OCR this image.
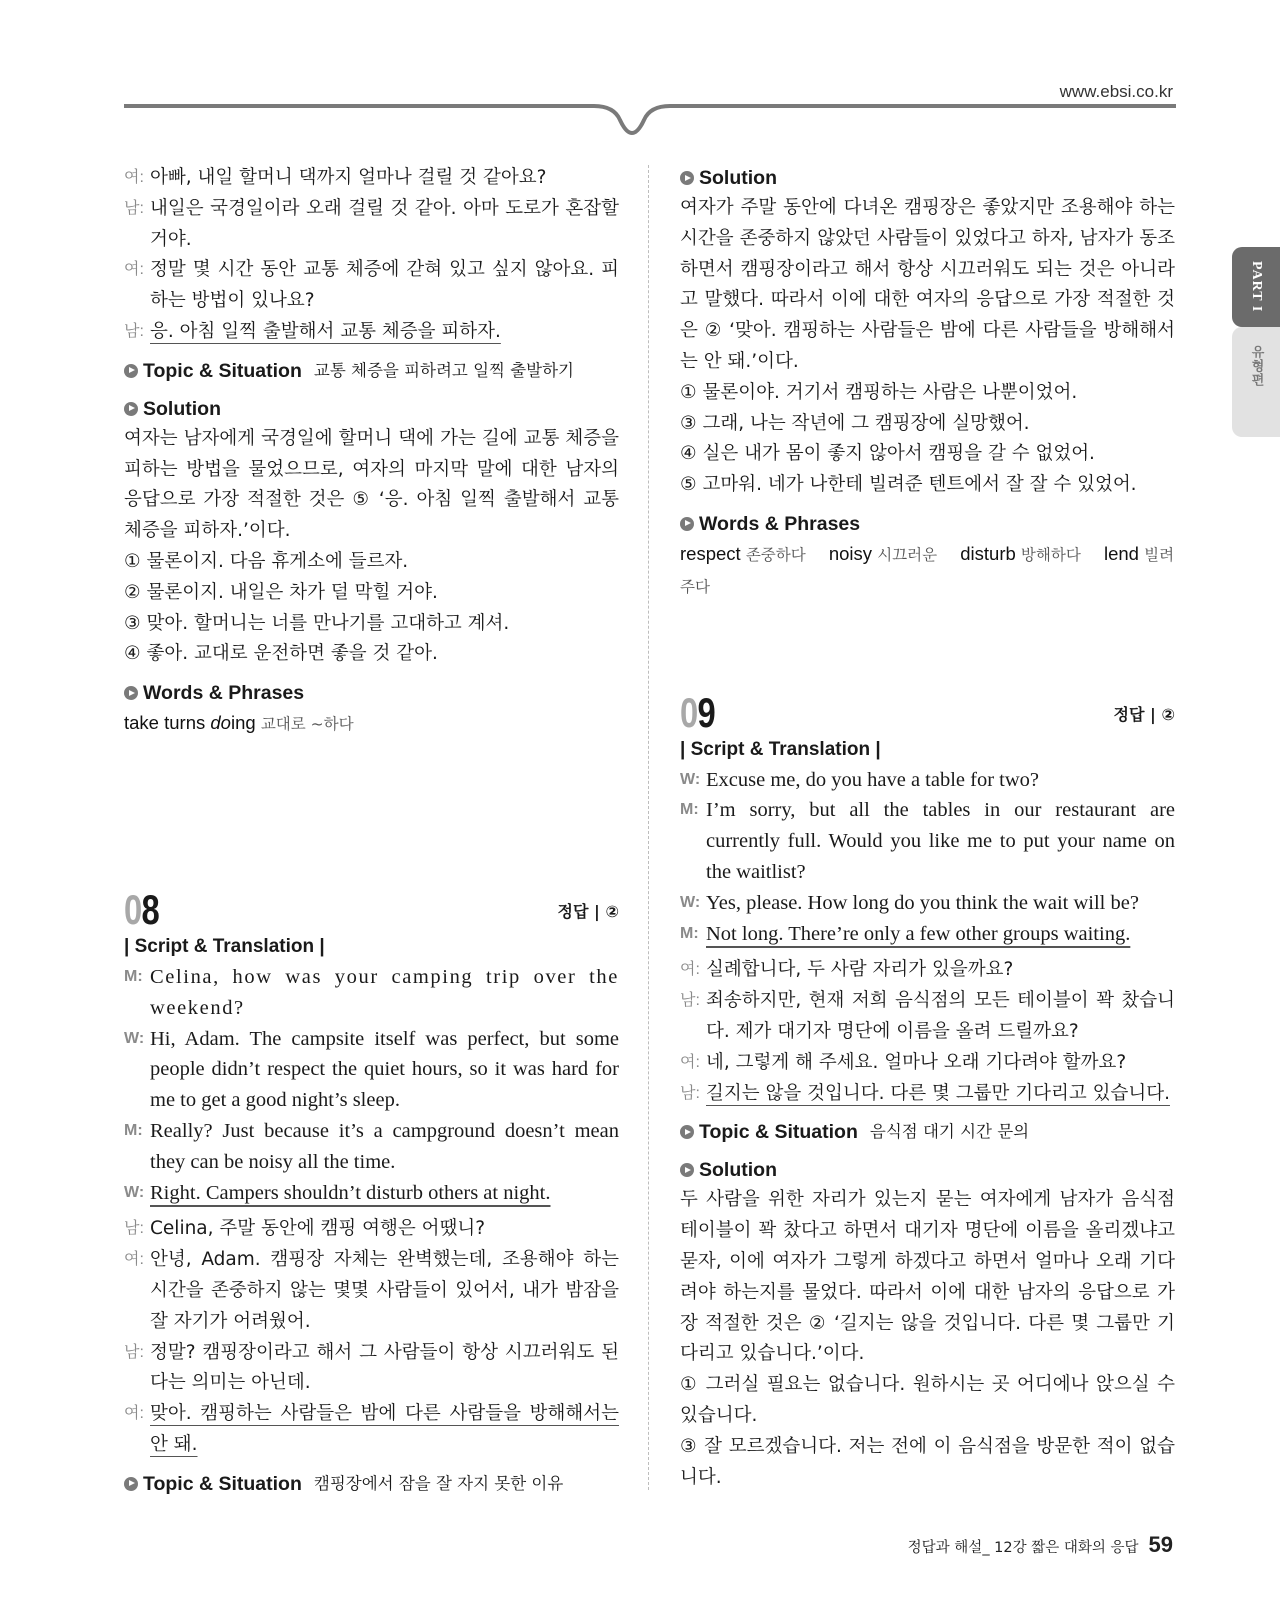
www.ebsi.co.kr
PART I
유형편
여: 아빠, 내일 할머니 댁까지 얼마나 걸릴 것 같아요?
남: 내일은 국경일이라 오래 걸릴 것 같아. 아마 도로가 혼잡할 거야.
여: 정말 몇 시간 동안 교통 체증에 갇혀 있고 싶지 않아요. 피하는 방법이 있나요?
남: 응. 아침 일찍 출발해서 교통 체증을 피하자.
Topic & Situation 교통 체증을 피하려고 일찍 출발하기
Solution
여자는 남자에게 국경일에 할머니 댁에 가는 길에 교통 체증을 피하는 방법을 물었으므로, 여자의 마지막 말에 대한 남자의 응답으로 가장 적절한 것은 ⑤ ‘응. 아침 일찍 출발해서 교통 체증을 피하자.’이다.
① 물론이지. 다음 휴게소에 들르자.
② 물론이지. 내일은 차가 덜 막힐 거야.
③ 맞아. 할머니는 너를 만나기를 고대하고 계셔.
④ 좋아. 교대로 운전하면 좋을 것 같아.
Words & Phrases
take turns doing 교대로 ~하다
08	정답 | ②
| Script & Translation |
M: Celina, how was your camping trip over the weekend?
W: Hi, Adam. The campsite itself was perfect, but some people didn’t respect the quiet hours, so it was hard for me to get a good night’s sleep.
M: Really? Just because it’s a campground doesn’t mean they can be noisy all the time.
W: Right. Campers shouldn’t disturb others at night.
남: Celina, 주말 동안에 캠핑 여행은 어땠니?
여: 안녕, Adam. 캠핑장 자체는 완벽했는데, 조용해야 하는 시간을 존중하지 않는 몇몇 사람들이 있어서, 내가 밤잠을 잘 자기가 어려웠어.
남: 정말? 캠핑장이라고 해서 그 사람들이 항상 시끄러워도 된다는 의미는 아닌데.
여: 맞아. 캠핑하는 사람들은 밤에 다른 사람들을 방해해서는 안 돼.
Topic & Situation 캠핑장에서 잠을 잘 자지 못한 이유
Solution
여자가 주말 동안에 다녀온 캠핑장은 좋았지만 조용해야 하는 시간을 존중하지 않았던 사람들이 있었다고 하자, 남자가 동조하면서 캠핑장이라고 해서 항상 시끄러워도 되는 것은 아니라고 말했다. 따라서 이에 대한 여자의 응답으로 가장 적절한 것은 ② ‘맞아. 캠핑하는 사람들은 밤에 다른 사람들을 방해해서는 안 돼.’이다.
① 물론이야. 거기서 캠핑하는 사람은 나뿐이었어.
③ 그래, 나는 작년에 그 캠핑장에 실망했어.
④ 실은 내가 몸이 좋지 않아서 캠핑을 갈 수 없었어.
⑤ 고마워. 네가 나한테 빌려준 텐트에서 잘 잘 수 있었어.
Words & Phrases
respect 존중하다 noisy 시끄러운 disturb 방해하다 lend 빌려주다
09	정답 | ②
| Script & Translation |
W: Excuse me, do you have a table for two?
M: I’m sorry, but all the tables in our restaurant are currently full. Would you like me to put your name on the waitlist?
W: Yes, please. How long do you think the wait will be?
M: Not long. There’re only a few other groups waiting.
여: 실례합니다, 두 사람 자리가 있을까요?
남: 죄송하지만, 현재 저희 음식점의 모든 테이블이 꽉 찼습니다. 제가 대기자 명단에 이름을 올려 드릴까요?
여: 네, 그렇게 해 주세요. 얼마나 오래 기다려야 할까요?
남: 길지는 않을 것입니다. 다른 몇 그룹만 기다리고 있습니다.
Topic & Situation 음식점 대기 시간 문의
Solution
두 사람을 위한 자리가 있는지 묻는 여자에게 남자가 음식점 테이블이 꽉 찼다고 하면서 대기자 명단에 이름을 올리겠냐고 묻자, 이에 여자가 그렇게 하겠다고 하면서 얼마나 오래 기다려야 하는지를 물었다. 따라서 이에 대한 남자의 응답으로 가장 적절한 것은 ② ‘길지는 않을 것입니다. 다른 몇 그룹만 기다리고 있습니다.’이다.
① 그러실 필요는 없습니다. 원하시는 곳 어디에나 앉으실 수 있습니다.
③ 잘 모르겠습니다. 저는 전에 이 음식점을 방문한 적이 없습니다.
정답과 해설_ 12강 짧은 대화의 응답 59
